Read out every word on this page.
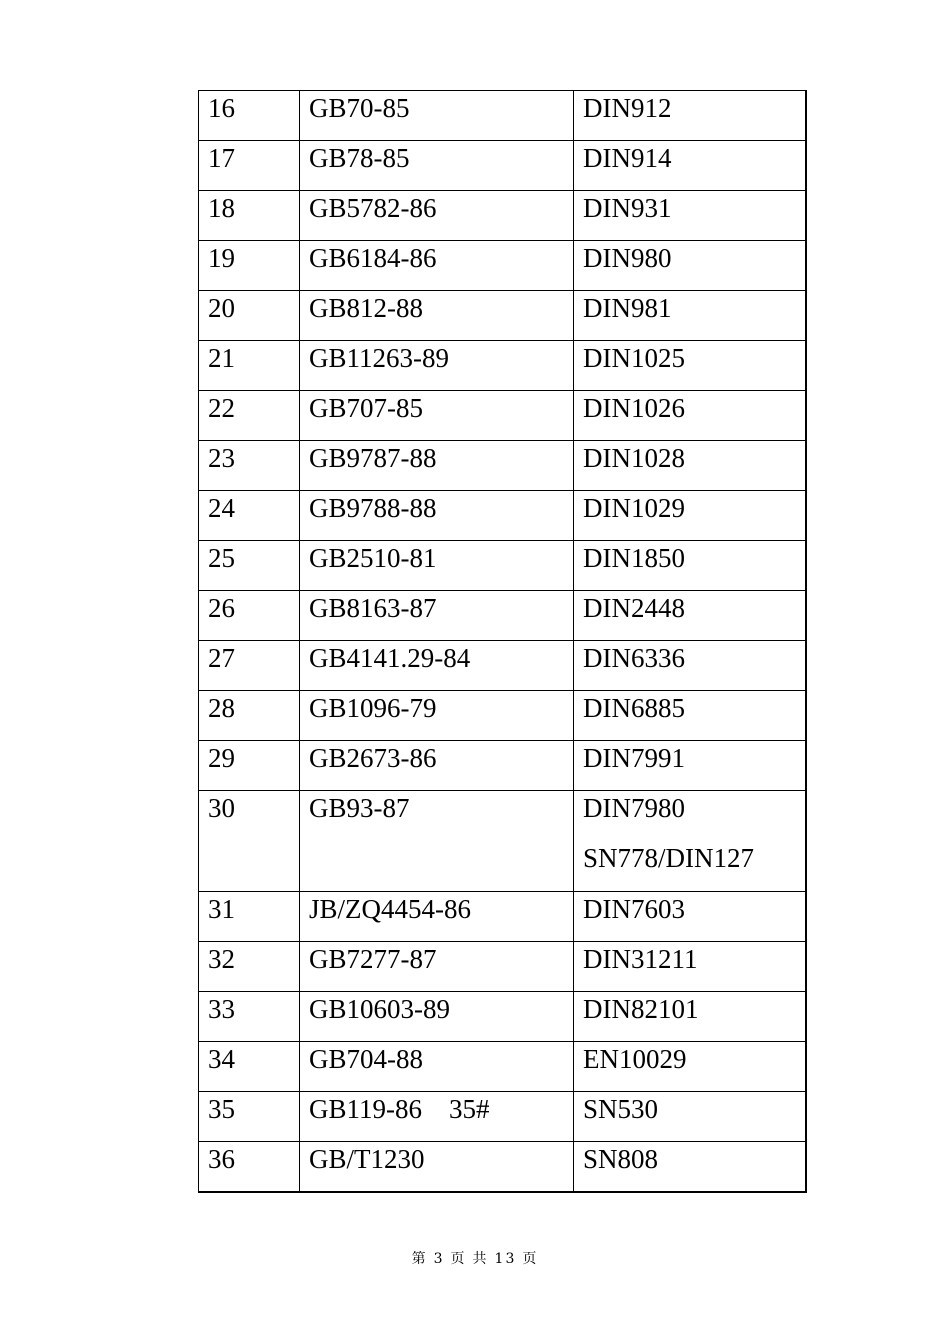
16	GB70-85	DIN912

17	GB78-85	DIN914

18	GB5782-86	DIN931

19	GB6184-86	DIN980

20	GB812-88	DIN981

21	GB11263-89	DIN1025

22	GB707-85	DIN1026

23	GB9787-88	DIN1028

24	GB9788-88	DIN1029

25	GB2510-81	DIN1850

26	GB8163-87	DIN2448

27	GB4141.29-84	DIN6336

28	GB1096-79	DIN6885

29	GB2673-86	DIN7991

30	GB93-87	DIN7980
SN778/DIN127

31	JB/ZQ4454-86	DIN7603

32	GB7277-87	DIN31211

33	GB10603-89	DIN82101

34	GB704-88	EN10029

35	GB119-86    35#	SN530

36	GB/T1230	SN808
第 3 页 共 13 页
